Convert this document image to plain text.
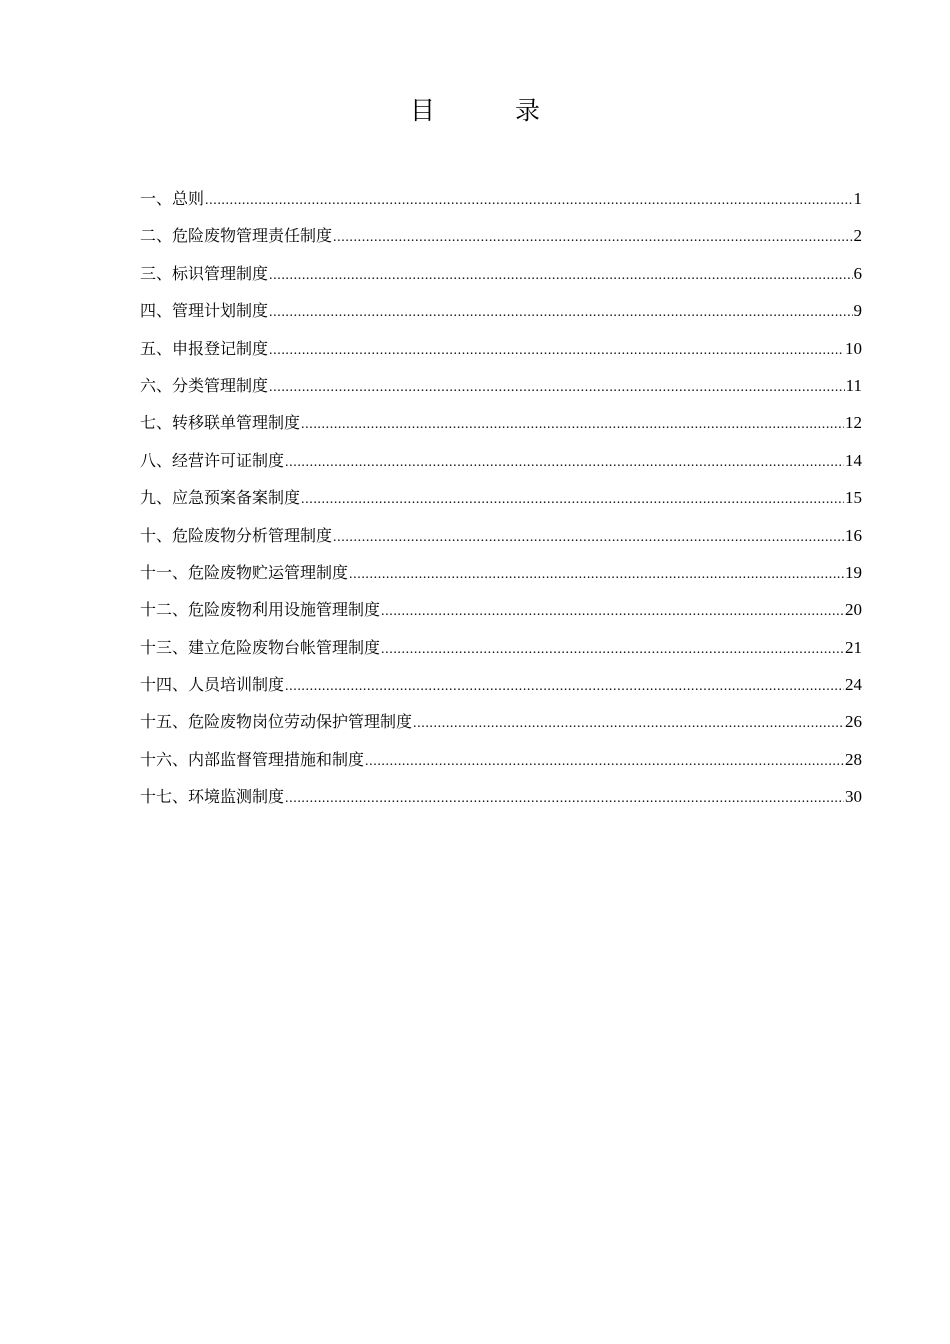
目 录
一、总则 .....	1
二、危险废物管理责任制度 .....	2
三、标识管理制度 .....	6
四、管理计划制度 .....	9
五、申报登记制度 .....	10
六、分类管理制度 .....	11
七、转移联单管理制度 .....	12
八、经营许可证制度 .....	14
九、应急预案备案制度 .....	15
十、危险废物分析管理制度 .....	16
十一、危险废物贮运管理制度 .....	19
十二、危险废物利用设施管理制度 .....	20
十三、建立危险废物台帐管理制度 .....	21
十四、人员培训制度 .....	24
十五、危险废物岗位劳动保护管理制度 .....	26
十六、内部监督管理措施和制度 .....	28
十七、环境监测制度 .....	30
